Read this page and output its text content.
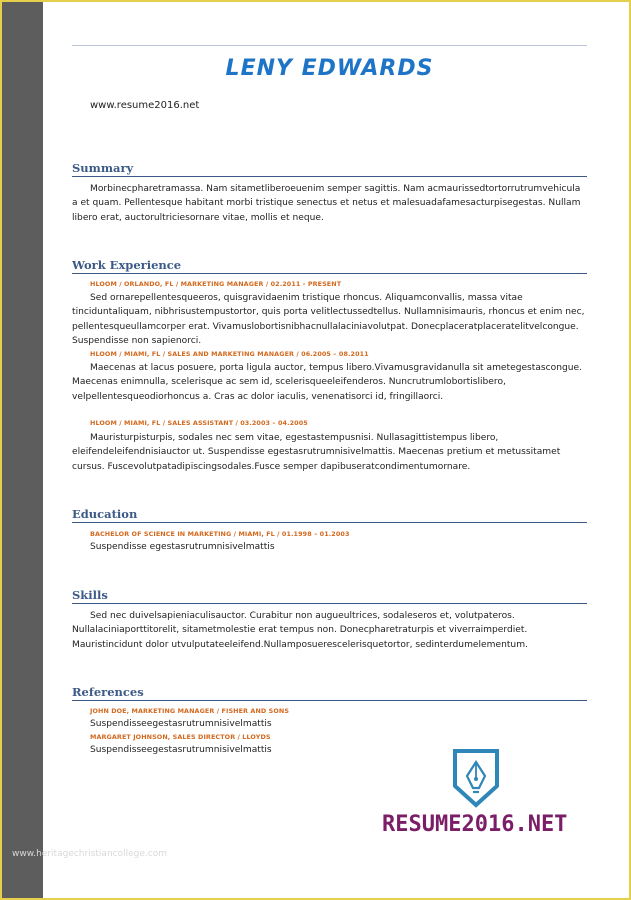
LENY EDWARDS
www.resume2016.net
Summary

Morbinecpharetramassa. Nam sitametliberoeuenim semper sagittis. Nam acmaurissedtortorrutrumvehicula a et quam. Pellentesque habitant morbi tristique senectus et netus et malesuadafamesacturpisegestas. Nullam libero erat, auctorultriciesornare vitae, mollis et neque.

Work Experience
HLOOM / ORLANDO, FL / MARKETING MANAGER / 02.2011 - PRESENT

Sed ornarepellentesqueeros, quisgravidaenim tristique rhoncus. Aliquamconvallis, massa vitae tinciduntaliquam, nibhrisustempustortor, quis porta velitlectussedtellus. Nullamnisimauris, rhoncus et enim nec, pellentesqueullamcorper erat. Vivamuslobortisnibhacnullalaciniavolutpat. Donecplaceratplaceratelitvelcongue. Suspendisse non sapienorci.

HLOOM / MIAMI, FL / SALES AND MARKETING MANAGER / 06.2005 – 08.2011

Maecenas at lacus posuere, porta ligula auctor, tempus libero.Vivamusgravidanulla sit ametegestascongue. Maecenas enimnulla, scelerisque ac sem id, scelerisqueeleifenderos. Nuncrutrumlobortislibero, velpellentesqueodiorhoncus a. Cras ac dolor iaculis, venenatisorci id, fringillaorci.

HLOOM / MIAMI, FL / SALES ASSISTANT / 03.2003 – 04.2005

Mauristurpisturpis, sodales nec sem vitae, egestastempusnisi. Nullasagittistempus libero, eleifendeleifendnisiauctor ut. Suspendisse egestasrutrumnisivelmattis. Maecenas pretium et metussitamet cursus. Fuscevolutpatadipiscingsodales.Fusce semper dapibuseratcondimentumornare.

Education
BACHELOR OF SCIENCE IN MARKETING / MIAMI, FL / 01.1998 – 01.2003
Suspendisse egestasrutrumnisivelmattis
Skills

Sed nec duivelsapieniaculisauctor. Curabitur non augueultrices, sodaleseros et, volutpateros. Nullalaciniaporttitorelit, sitametmolestie erat tempus non. Donecpharetraturpis et viverraimperdiet. Mauristincidunt dolor utvulputateeleifend.Nullamposuerescelerisquetortor, sedinterdumelementum.

References
JOHN DOE, MARKETING MANAGER / FISHER AND SONS
Suspendisseegestasrutrumnisivelmattis
MARGARET JOHNSON, SALES DIRECTOR / LLOYDS
Suspendisseegestasrutrumnisivelmattis
RESUME2016.NET
www.heritagechristiancollege.com
